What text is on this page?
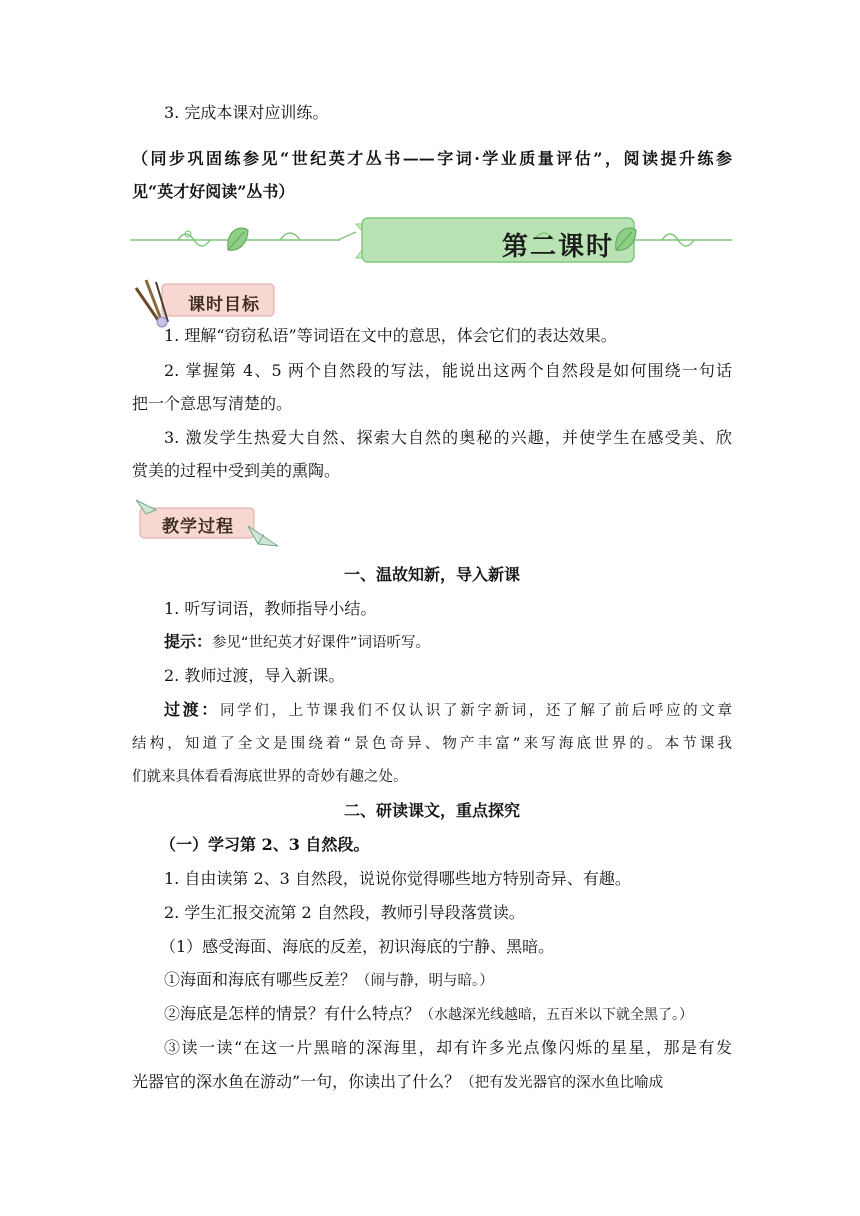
3. 完成本课对应训练。
（同步巩固练参见“世纪英才丛书——字词·学业质量评估”，阅读提升练参
见“英才好阅读”丛书）
第二课时
课时目标
1. 理解“窃窃私语”等词语在文中的意思，体会它们的表达效果。
2. 掌握第 4、5 两个自然段的写法，能说出这两个自然段是如何围绕一句话
把一个意思写清楚的。
3. 激发学生热爱大自然、探索大自然的奥秘的兴趣，并使学生在感受美、欣
赏美的过程中受到美的熏陶。
教学过程
一、温故知新，导入新课
1. 听写词语，教师指导小结。
提示：参见“世纪英才好课件”词语听写。
2. 教师过渡，导入新课。
过渡：同学们，上节课我们不仅认识了新字新词，还了解了前后呼应的文章
结构，知道了全文是围绕着“景色奇异、物产丰富”来写海底世界的。本节课我
们就来具体看看海底世界的奇妙有趣之处。
二、研读课文，重点探究
（一）学习第 2、3 自然段。
1. 自由读第 2、3 自然段，说说你觉得哪些地方特别奇异、有趣。
2. 学生汇报交流第 2 自然段，教师引导段落赏读。
（1）感受海面、海底的反差，初识海底的宁静、黑暗。
①海面和海底有哪些反差？（闹与静，明与暗。）
②海底是怎样的情景？有什么特点？（水越深光线越暗，五百米以下就全黑了。）
③读一读“在这一片黑暗的深海里，却有许多光点像闪烁的星星，那是有发
光器官的深水鱼在游动”一句，你读出了什么？（把有发光器官的深水鱼比喻成
